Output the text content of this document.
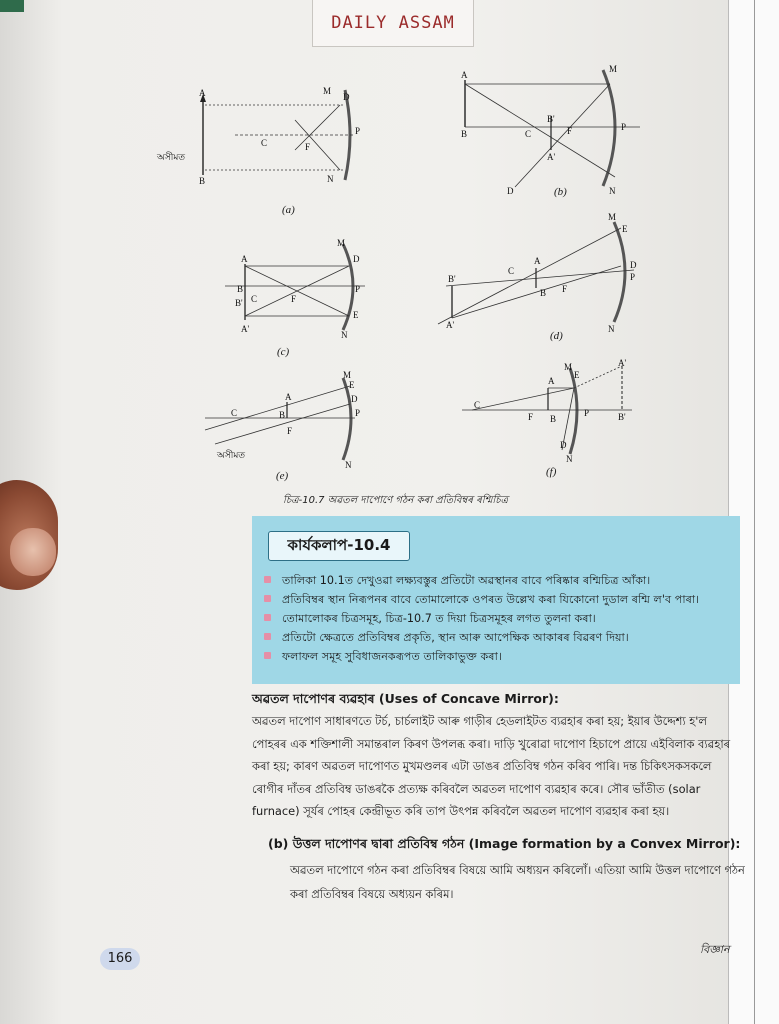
DAILY ASSAM
A
B
C	F
M
D
P
N
অসীমত
(a)
A
B	C
B'
A'
F
M
P
N
D	(b)
A
B
B' C
A'
F
M
D
P
E
N
(c)
B'
C
A
B F
A'
M
E
D
P
N
(d)
C
A
B
F
M
E
D
P
N
অসীমত
(e)
C
A
F B
M
E
P	B'
A'
D
N
(f)
চিত্ৰ-10.7 অৱতল দাপোণে গঠন কৰা প্ৰতিবিম্বৰ ৰশ্মিচিত্ৰ
কাৰ্যকলাপ-10.4
তালিকা 10.1ত দেখুওৱা লক্ষ্যবস্তুৰ প্ৰতিটো অৱস্থানৰ বাবে পৰিষ্কাৰ ৰশ্মিচিত্ৰ আঁকা।
প্ৰতিবিম্বৰ স্থান নিৰূপনৰ বাবে তোমালোকে ওপৰত উল্লেখ কৰা যিকোনো দুডাল ৰশ্মি ল'ব পাৰা।
তোমালোকৰ চিত্ৰসমূহ, চিত্ৰ-10.7 ত দিয়া চিত্ৰসমূহৰ লগত তুলনা কৰা।
প্ৰতিটো ক্ষেত্ৰতে প্ৰতিবিম্বৰ প্ৰকৃতি, স্থান আৰু আপেক্ষিক আকাৰৰ বিৱৰণ দিয়া।
ফলাফল সমূহ সুবিধাজনকৰূপত তালিকাভুক্ত কৰা।
অৱতল দাপোণৰ ব্যৱহাৰ (Uses of Concave Mirror):
অৱতল দাপোণ সাধাৰণতে টৰ্চ, চাৰ্চলাইট আৰু গাড়ীৰ হেডলাইটত ব্যৱহাৰ কৰা হয়; ইয়াৰ উদ্দেশ্য হ'ল পোহৰৰ এক শক্তিশালী সমান্তৰাল কিৰণ উপলব্ধ কৰা। দাড়ি খুৰোৱা দাপোণ হিচাপে প্ৰায়ে এইবিলাক ব্যৱহাৰ কৰা হয়; কাৰণ অৱতল দাপোণত মুখমণ্ডলৰ এটা ডাঙৰ প্ৰতিবিম্ব গঠন কৰিব পাৰি। দন্ত চিকিৎসকসকলে ৰোগীৰ দাঁতৰ প্ৰতিবিম্ব ডাঙৰকৈ প্ৰত্যক্ষ কৰিবলৈ অৱতল দাপোণ ব্যৱহাৰ কৰে। সৌৰ ভাঁতীত (solar furnace) সূৰ্যৰ পোহৰ কেন্দ্ৰীভূত কৰি তাপ উৎপন্ন কৰিবলৈ অৱতল দাপোণ ব্যৱহাৰ কৰা হয়।
(b) উত্তল দাপোণৰ দ্বাৰা প্ৰতিবিম্ব গঠন (Image formation by a Convex Mirror):
অৱতল দাপোণে গঠন কৰা প্ৰতিবিম্বৰ বিষয়ে আমি অধ্যয়ন কৰিলোঁ। এতিয়া আমি উত্তল দাপোণে গঠন কৰা প্ৰতিবিম্বৰ বিষয়ে অধ্যয়ন কৰিম।
166
বিজ্ঞান
